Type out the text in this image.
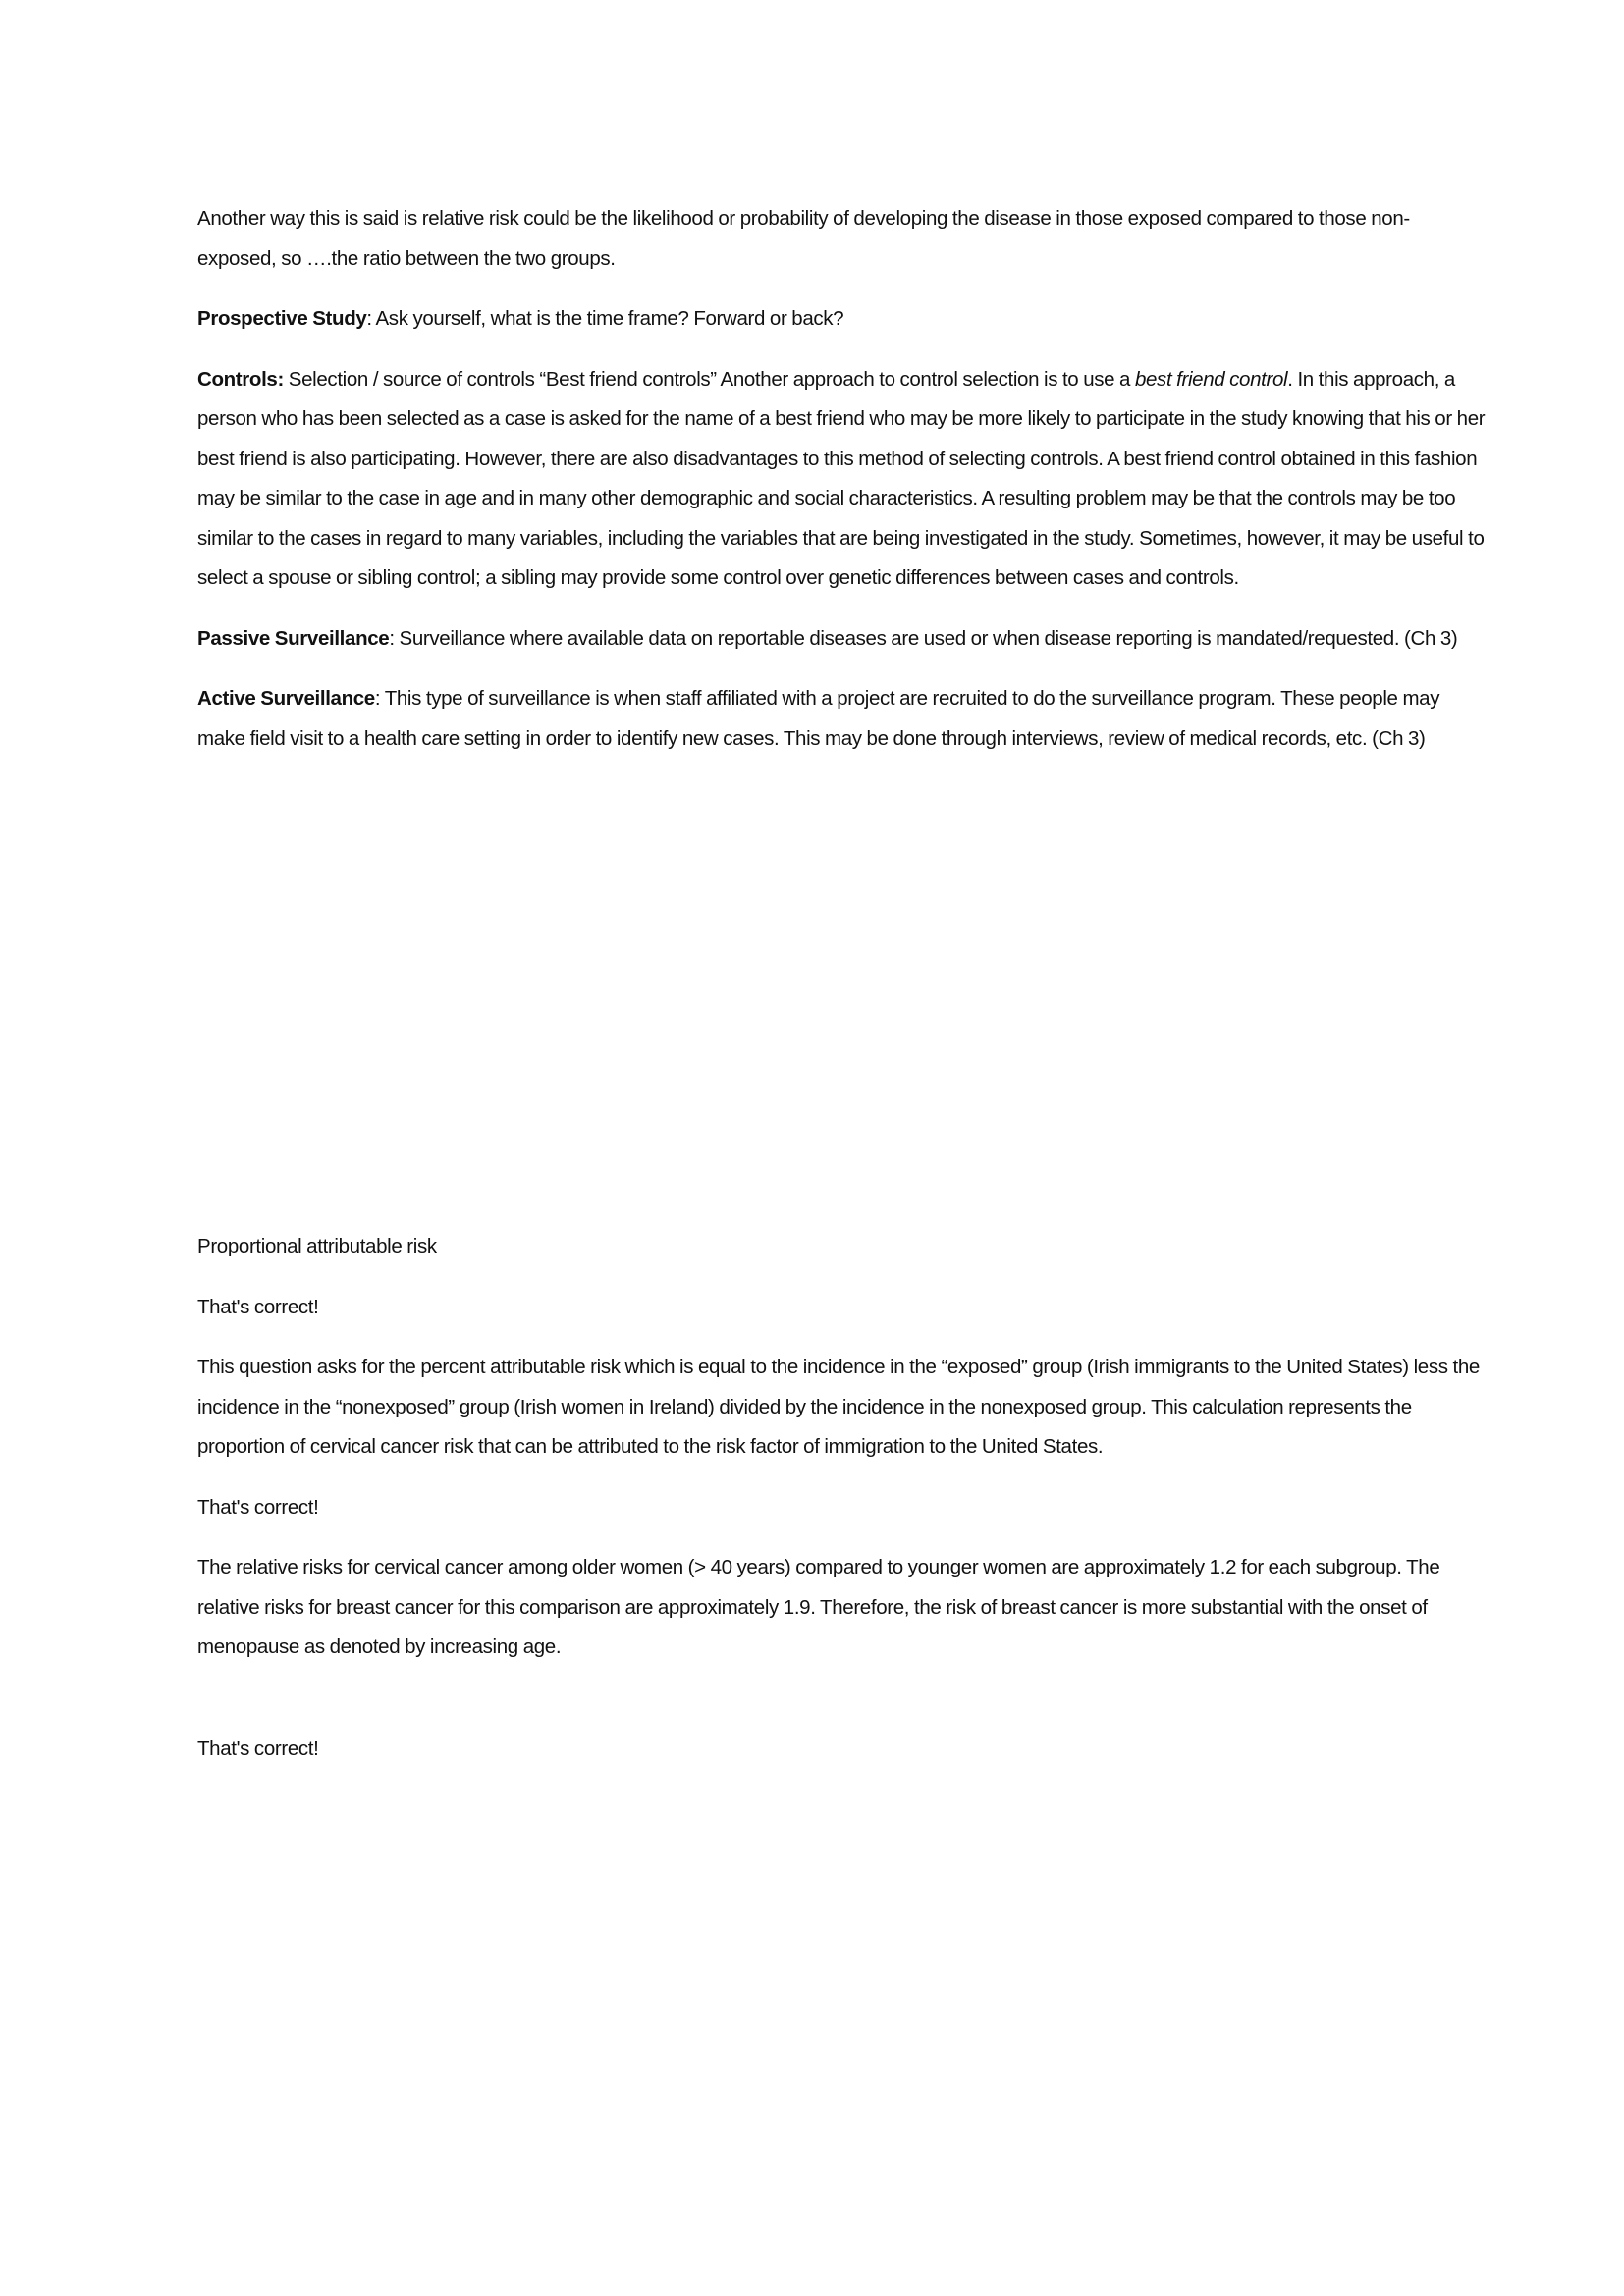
Another way this is said is relative risk could be the likelihood or probability of developing the disease in those exposed compared to those non-exposed, so ….the ratio between the two groups.

Prospective Study: Ask yourself, what is the time frame? Forward or back?

Controls: Selection / source of controls “Best friend controls” Another approach to control selection is to use a best friend control. In this approach, a person who has been selected as a case is asked for the name of a best friend who may be more likely to participate in the study knowing that his or her best friend is also participating. However, there are also disadvantages to this method of selecting controls. A best friend control obtained in this fashion may be similar to the case in age and in many other demographic and social characteristics. A resulting problem may be that the controls may be too similar to the cases in regard to many variables, including the variables that are being investigated in the study. Sometimes, however, it may be useful to select a spouse or sibling control; a sibling may provide some control over genetic differences between cases and controls.

Passive Surveillance: Surveillance where available data on reportable diseases are used or when disease reporting is mandated/requested. (Ch 3)

Active Surveillance: This type of surveillance is when staff affiliated with a project are recruited to do the surveillance program. These people may make field visit to a health care setting in order to identify new cases. This may be done through interviews, review of medical records, etc. (Ch 3)

Proportional attributable risk

That's correct!

This question asks for the percent attributable risk which is equal to the incidence in the “exposed” group (Irish immigrants to the United States) less the incidence in the “nonexposed” group (Irish women in Ireland) divided by the incidence in the nonexposed group. This calculation represents the proportion of cervical cancer risk that can be attributed to the risk factor of immigration to the United States.

That's correct!

The relative risks for cervical cancer among older women (> 40 years) compared to younger women are approximately 1.2 for each subgroup. The relative risks for breast cancer for this comparison are approximately 1.9. Therefore, the risk of breast cancer is more substantial with the onset of menopause as denoted by increasing age.

That's correct!
